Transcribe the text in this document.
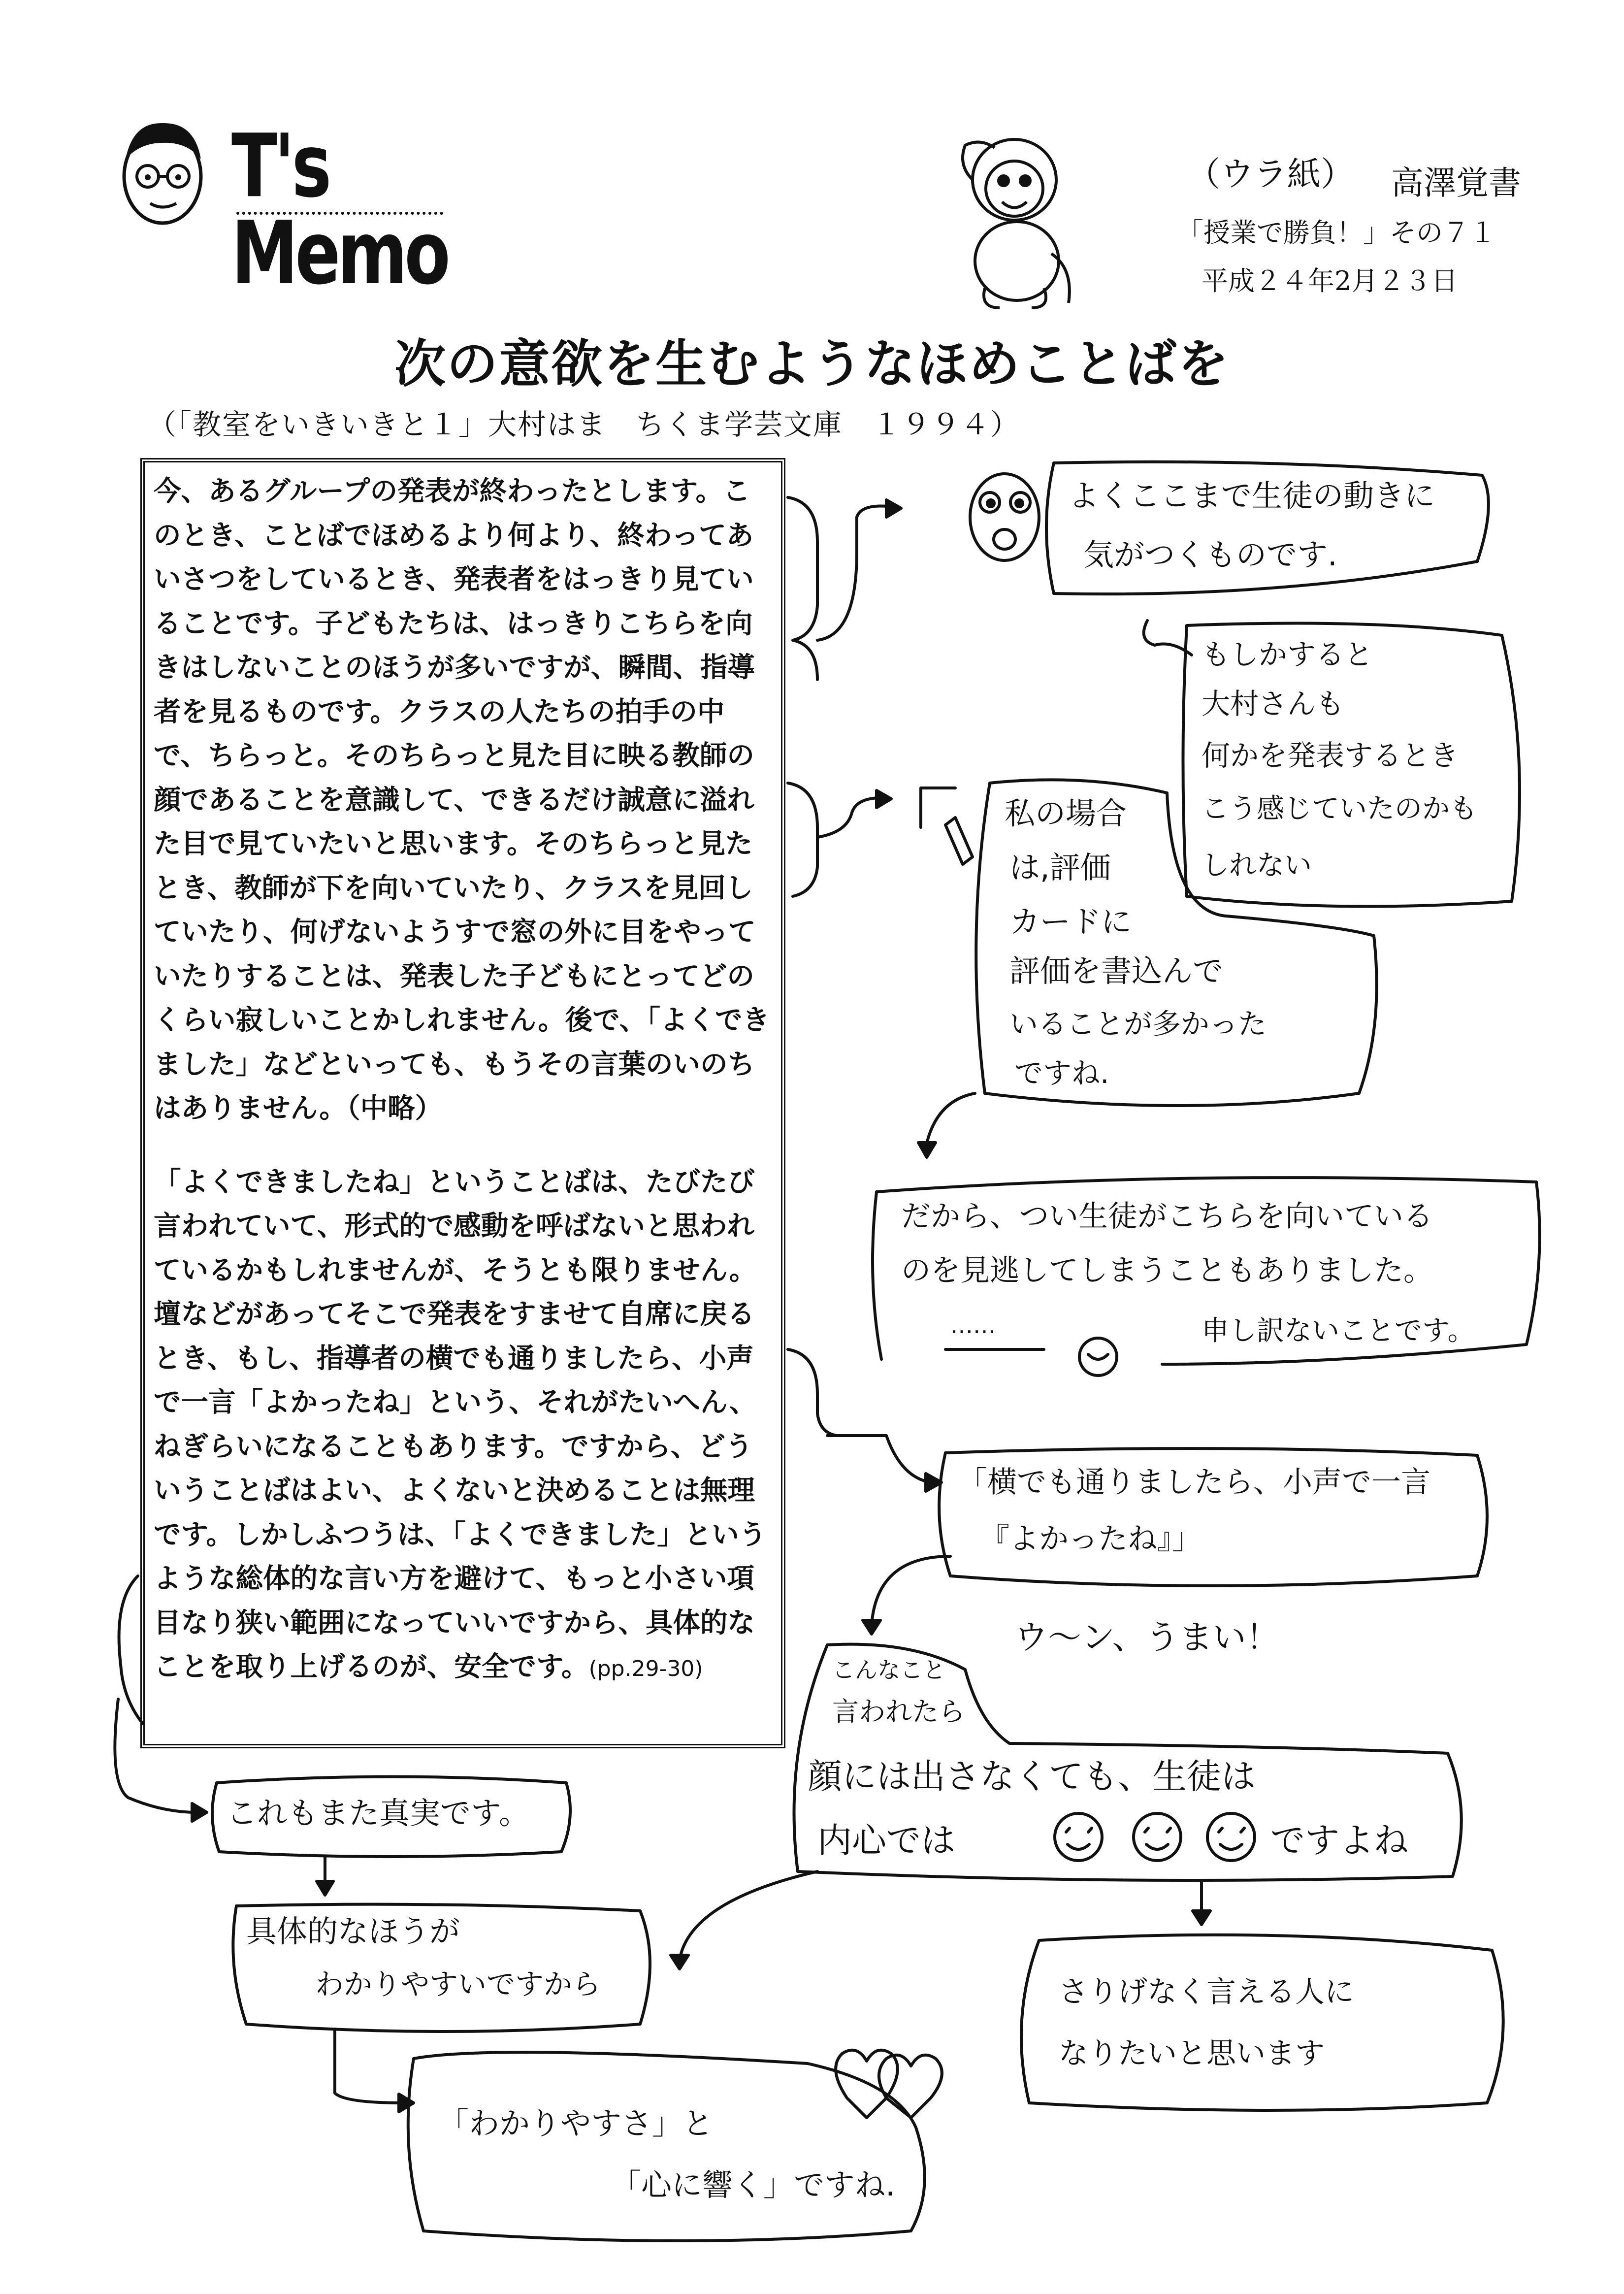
T's Memo
（ウラ紙） 高澤覚書
「授業で勝負！」その７１
平成２４年2月２３日
次の意欲を生むようなほめことばを
（「教室をいきいきと１」大村はま　ちくま学芸文庫　１９９４）

今、あるグループの発表が終わったとします。このとき、ことばでほめるより何より、終わってあいさつをしているとき、発表者をはっきり見ていることです。子どもたちは、はっきりこちらを向きはしないことのほうが多いですが、瞬間、指導者を見るものです。クラスの人たちの拍手の中で、ちらっと。そのちらっと見た目に映る教師の顔であることを意識して、できるだけ誠意に溢れた目で見ていたいと思います。そのちらっと見たとき、教師が下を向いていたり、クラスを見回していたり、何げないようすで窓の外に目をやっていたりすることは、発表した子どもにとってどのくらい寂しいことかしれません。後で、「よくできました」などといっても、もうその言葉のいのちはありません。（中略）

「よくできましたね」ということばは、たびたび言われていて、形式的で感動を呼ばないと思われているかもしれませんが、そうとも限りません。壇などがあってそこで発表をすませて自席に戻るとき、もし、指導者の横でも通りましたら、小声で一言「よかったね」という、それがたいへん、ねぎらいになることもあります。ですから、どういうことばはよい、よくないと決めることは無理です。しかしふつうは、「よくできました」というような総体的な言い方を避けて、もっと小さい項目なり狭い範囲になっていいですから、具体的なことを取り上げるのが、安全です。(pp.29-30)

よくここまで生徒の動きに
気がつくものです.
もしかすると
大村さんも
何かを発表するとき
こう感じていたのかも
しれない
私の場合
は,評価
カードに
評価を書込んで
いることが多かった
ですね.
だから、つい生徒がこちらを向いている
のを見逃してしまうこともありました。
……	申し訳ないことです。
「横でも通りましたら、小声で一言
『よかったね』」
ウ～ン、うまい！
こんなこと
言われたら
顔には出さなくても、生徒は
内心では	ですよね
これもまた真実です。
具体的なほうが
わかりやすいですから	さりげなく言える人に
なりたいと思います
「わかりやすさ」と
「心に響く」ですね.
